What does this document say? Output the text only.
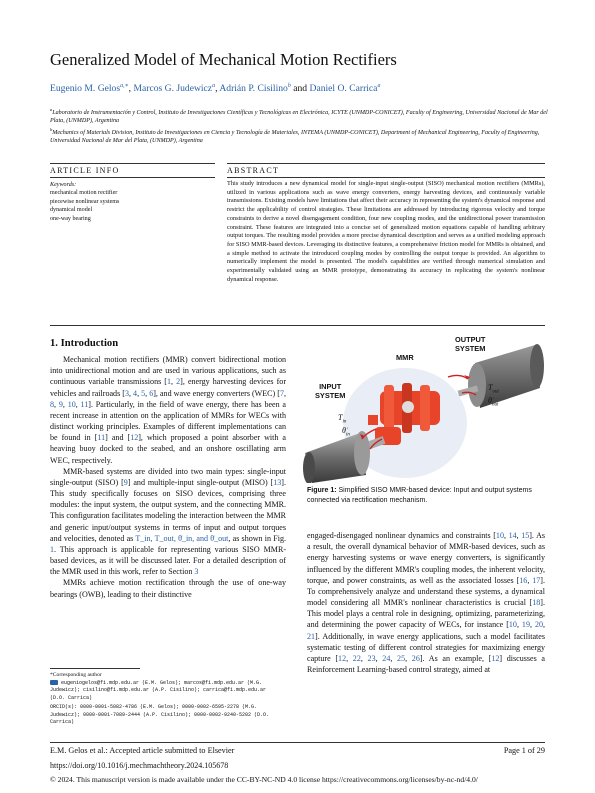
Generalized Model of Mechanical Motion Rectifiers
Eugenio M. Gelos$^{a,∗}$, Marcos G. Judewicz$^a$, Adrián P. Cisilino$^b$ and Daniel O. Carrica$^a$
$^a$Laboratorio de Instrumentación y Control, Instituto de Investigaciones Científicas y Tecnológicas en Electrónica, ICYTE (UNMDP-CONICET), Faculty of Engineering, Universidad Nacional de Mar del Plata, (UNMDP), Argentina
$^b$Mechanics of Materials Division, Instituto de Investigaciones en Ciencia y Tecnología de Materiales, INTEMA (UNMDP-CONICET), Department of Mechanical Engineering, Faculty of Engineering, Universidad Nacional de Mar del Plata, (UNMDP), Argentina
ARTICLE INFO	ABSTRACT
Keywords:
mechanical motion rectifier
piecewise nonlinear systems
dynamical model
one-way bearing
This study introduces a new dynamical model for single-input single-output (SISO) mechanical motion rectifiers (MMRs), utilized in various applications such as wave energy converters, energy harvesting devices, and continuously variable transmissions. Existing models have limitations that affect their accuracy in representing the system's dynamical response and restrict the applicability of control strategies. These limitations are addressed by introducing rigorous velocity and torque constraints to derive a novel disengagement condition, four new coupling modes, and the unidirectional power transmission constraint. These features are integrated into a concise set of generalized motion equations capable of handling arbitrary output torques. The resulting model provides a more precise dynamical description and serves as a unified modeling approach for SISO MMR-based devices. Leveraging its distinctive features, a comprehensive friction model for MMRs is obtained, and a simple method to activate the introduced coupling modes by controlling the output torque is provided. An algorithm to numerically implement the model is presented. The model's capabilities are verified through numerical simulation and experimentally validated using an MMR prototype, demonstrating its accuracy in replicating the system's nonlinear dynamical response.
1. Introduction

Mechanical motion rectifiers (MMR) convert bidirectional motion into unidirectional motion and are used in various applications, such as continuous variable transmissions [1, 2], energy harvesting devices for vehicles and railroads [3, 4, 5, 6], and wave energy converters (WEC) [7, 8, 9, 10, 11]. Particularly, in the field of wave energy, there has been a recent increase in attention on the application of MMRs for WECs with distinct working principles. Examples of different implementations can be found in [11] and [12], which proposed a point absorber with a heaving buoy docked to the seabed, and an onshore oscillating arm WEC, respectively.

MMR-based systems are divided into two main types: single-input single-output (SISO) [9] and multiple-input single-output (MISO) [13]. This study specifically focuses on SISO devices, comprising three modules: the input system, the output system, and the connecting MMR. This configuration facilitates modeling the interaction between the MMR and generic input/output systems in terms of input and output torques and velocities, denoted as T_in, T_out, θ̇_in, and θ̇_out, as shown in Fig. 1. This approach is applicable for representing various SISO MMR-based devices, as it will be discussed later. For a detailed description of the MMR used in this work, refer to Section 3

MMRs achieve motion rectification through the use of one-way bearings (OWB), leading to their distinctive

*Corresponding author
eugeniogelos@fi.mdp.edu.ar (E.M. Gelos); marcos@fi.mdp.edu.ar (M.G. Judewicz); cisilino@fi.mdp.edu.ar (A.P. Cisilino); carrica@fi.mdp.edu.ar (D.O. Carrica)
ORCID(s): 0000-0001-5082-4786 (E.M. Gelos); 0000-0002-6595-2278 (M.G. Judewicz); 0000-0001-7089-2444 (A.P. Cisilino); 0000-0002-9240-5202 (D.O. Carrica)
OUTPUT
SYSTEM
MMR
INPUT
SYSTEM
$T_{out}$
$\thetȧ_{out}$
$T_{in}$
$\thetȧ_{in}$
Figure 1: Simplified SISO MMR-based device: Input and output systems connected via rectification mechanism.

engaged-disengaged nonlinear dynamics and constraints [10, 14, 15]. As a result, the overall dynamical behavior of MMR-based devices, such as energy harvesting systems or wave energy converters, is significantly influenced by the different MMR's coupling modes, the inherent velocity, torque, and power constraints, as well as the associated losses [16, 17]. To comprehensively analyze and understand these systems, a dynamical model considering all MMR's nonlinear characteristics is crucial [18]. This model plays a central role in designing, optimizing, parameterizing, and determining the power capacity of WECs, for instance [10, 19, 20, 21]. Additionally, in wave energy applications, such a model facilitates systematic testing of different control strategies for maximizing energy capture [12, 22, 23, 24, 25, 26]. As an example, [12] discusses a Reinforcement Learning-based control strategy, aimed at

E.M. Gelos et al.: Accepted article submitted to Elsevier	Page 1 of 29
https://doi.org/10.1016/j.mechmachtheory.2024.105678
© 2024. This manuscript version is made available under the CC-BY-NC-ND 4.0 license https://creativecommons.org/licenses/by-nc-nd/4.0/
